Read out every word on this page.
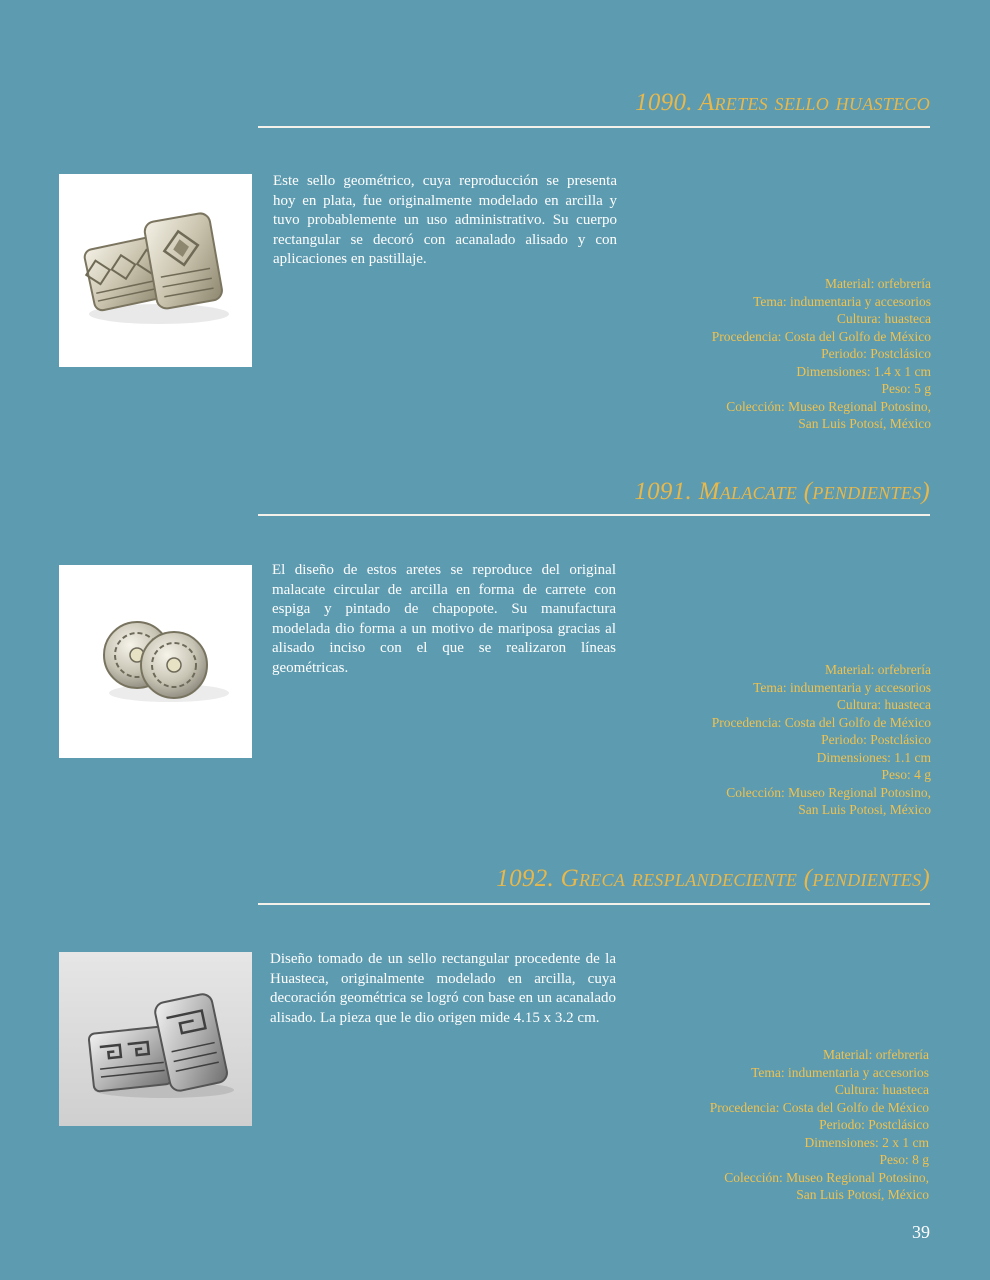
1090. Aretes sello huasteco
Este sello geométrico, cuya reproducción se presenta hoy en plata, fue originalmente modelado en arcilla y tuvo probablemente un uso administrativo. Su cuerpo rectangular se decoró con acanalado alisado y con aplicaciones en pastillaje.
Material: orfebrería
Tema: indumentaria y accesorios
Cultura: huasteca
Procedencia: Costa del Golfo de México
Periodo: Postclásico
Dimensiones: 1.4 x 1 cm
Peso: 5 g
Colección: Museo Regional Potosino,
San Luis Potosí, México
1091. Malacate (pendientes)
El diseño de estos aretes se reproduce del original malacate circular de arcilla en forma de carrete con espiga y pintado de chapopote. Su manufactura modelada dio forma a un motivo de mariposa gracias al alisado inciso con el que se realizaron líneas geométricas.	Material: orfebrería
Tema: indumentaria y accesorios
Cultura: huasteca
Procedencia: Costa del Golfo de México
Periodo: Postclásico
Dimensiones: 1.1 cm
Peso: 4 g
Colección: Museo Regional Potosino,
San Luis Potosi, México
1092. Greca resplandeciente (pendientes)
Diseño tomado de un sello rectangular procedente de la Huasteca, originalmente modelado en arcilla, cuya decoración geométrica se logró con base en un acanalado alisado. La pieza que le dio origen mide 4.15 x 3.2 cm.
Material: orfebrería
Tema: indumentaria y accesorios
Cultura: huasteca
Procedencia: Costa del Golfo de México
Periodo: Postclásico
Dimensiones: 2 x 1 cm
Peso: 8 g
Colección: Museo Regional Potosino,
San Luis Potosí, México
39
